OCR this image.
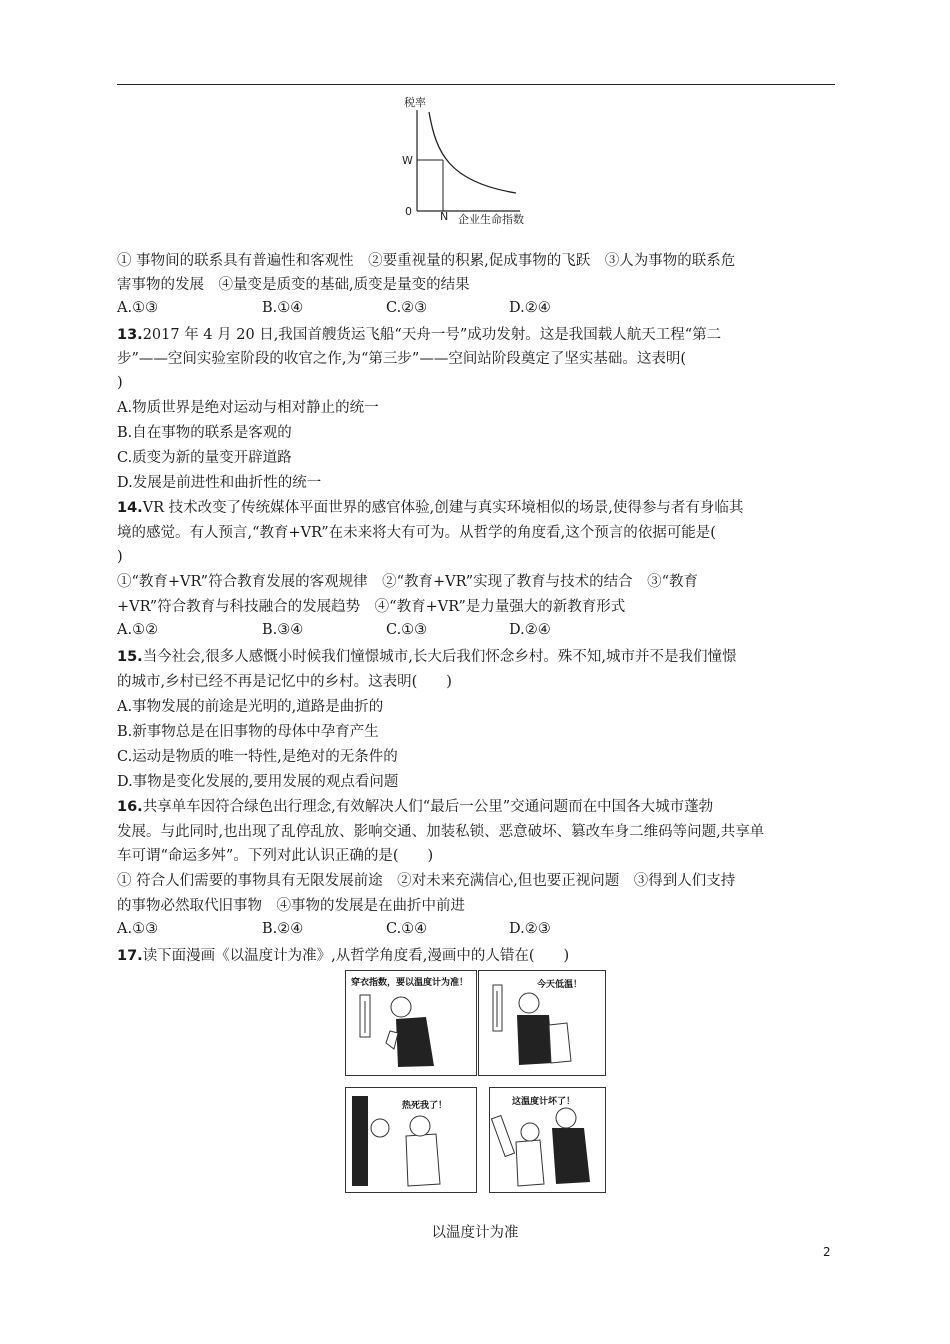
税率
0
W
N 企业生命指数
① 事物间的联系具有普遍性和客观性　②要重视量的积累,促成事物的飞跃　③人为事物的联系危
害事物的发展　④量变是质变的基础,质变是量变的结果
A.①③	B.①④	C.②③	D.②④
13.2017 年 4 月 20 日,我国首艘货运飞船“天舟一号”成功发射。这是我国载人航天工程“第二
步”——空间实验室阶段的收官之作,为“第三步”——空间站阶段奠定了坚实基础。这表明(
)
A.物质世界是绝对运动与相对静止的统一
B.自在事物的联系是客观的
C.质变为新的量变开辟道路
D.发展是前进性和曲折性的统一
14.VR 技术改变了传统媒体平面世界的感官体验,创建与真实环境相似的场景,使得参与者有身临其
境的感觉。有人预言,“教育+VR”在未来将大有可为。从哲学的角度看,这个预言的依据可能是(
)
①“教育+VR”符合教育发展的客观规律　②“教育+VR”实现了教育与技术的结合　③“教育
+VR”符合教育与科技融合的发展趋势　④“教育+VR”是力量强大的新教育形式
A.①②	B.③④	C.①③	D.②④
15.当今社会,很多人感慨小时候我们憧憬城市,长大后我们怀念乡村。殊不知,城市并不是我们憧憬
的城市,乡村已经不再是记忆中的乡村。这表明(　　)
A.事物发展的前途是光明的,道路是曲折的
B.新事物总是在旧事物的母体中孕育产生
C.运动是物质的唯一特性,是绝对的无条件的
D.事物是变化发展的,要用发展的观点看问题
16.共享单车因符合绿色出行理念,有效解决人们“最后一公里”交通问题而在中国各大城市蓬勃
发展。与此同时,也出现了乱停乱放、影响交通、加装私锁、恶意破坏、篡改车身二维码等问题,共享单
车可谓“命运多舛”。下列对此认识正确的是(　　)
① 符合人们需要的事物具有无限发展前途　②对未来充满信心,但也要正视问题　③得到人们支持
的事物必然取代旧事物　④事物的发展是在曲折中前进
A.①③	B.②④	C.①④	D.②③
17.读下面漫画《以温度计为准》,从哲学角度看,漫画中的人错在(　　)
穿衣指数，要以温度计为准！	今天低温！
热死我了！	这温度计坏了！
以温度计为准
2
